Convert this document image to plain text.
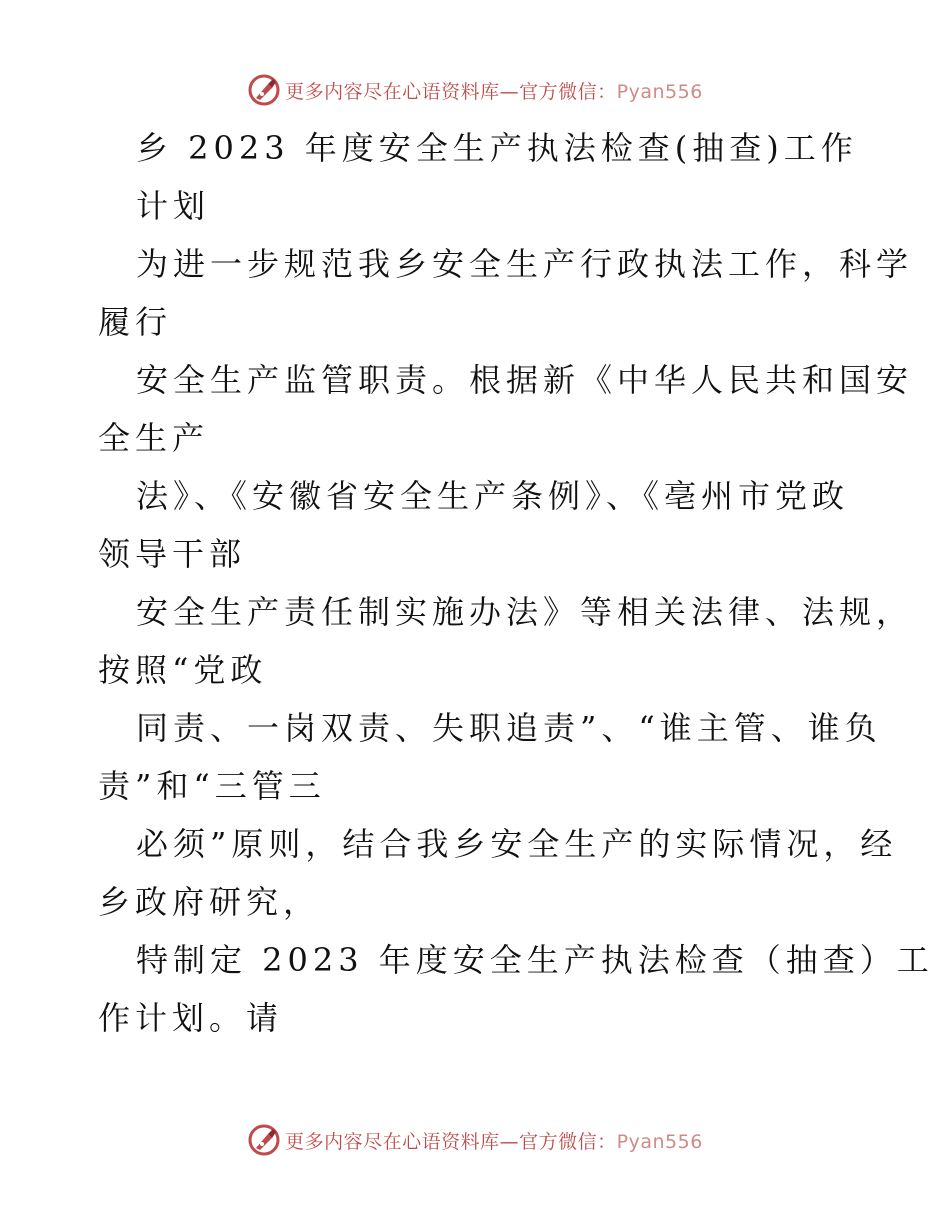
更多内容尽在心语资料库—官方微信：Pyan556
乡 2023 年度安全生产执法检查(抽查)工作
计划
为进一步规范我乡安全生产行政执法工作，科学
履行
安全生产监管职责。根据新《中华人民共和国安
全生产
法》、《安徽省安全生产条例》、《亳州市党政
领导干部
安全生产责任制实施办法》等相关法律、法规，
按照“党政
同责、一岗双责、失职追责”、“谁主管、谁负
责”和“三管三
必须”原则，结合我乡安全生产的实际情况，经
乡政府研究，
特制定 2023 年度安全生产执法检查（抽查）工
作计划。请
更多内容尽在心语资料库—官方微信：Pyan556
